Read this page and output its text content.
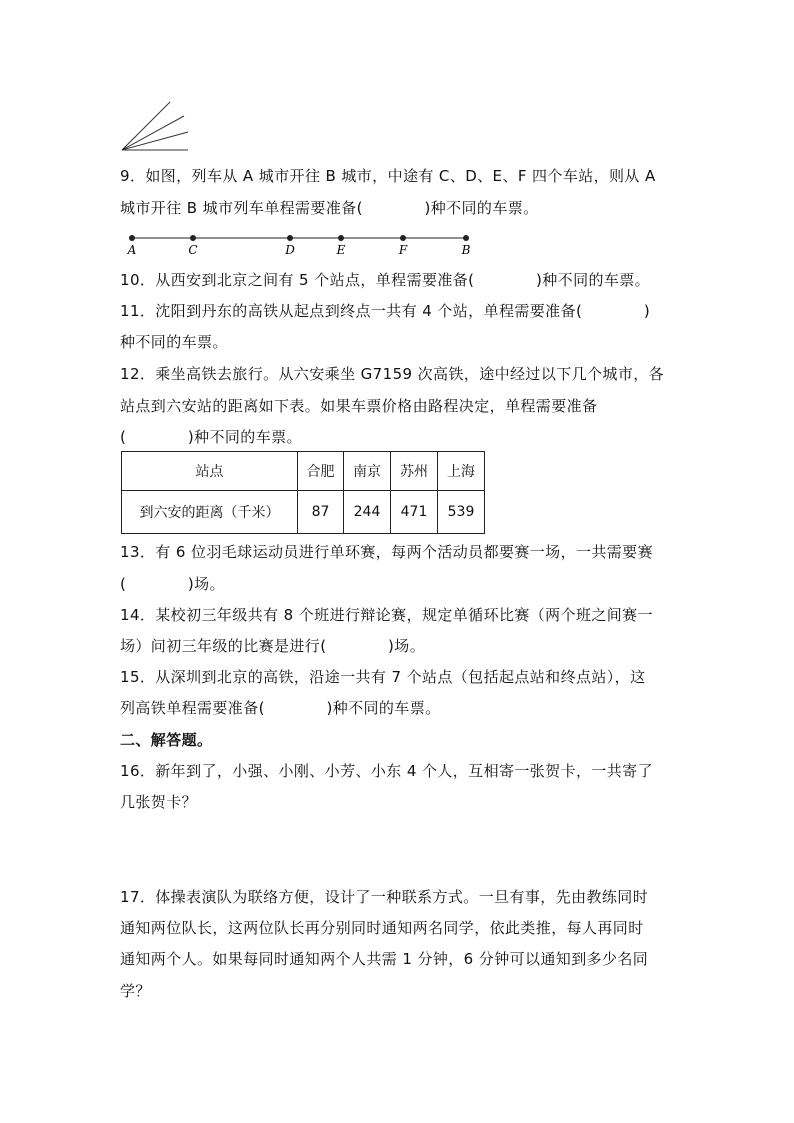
9．如图，列车从 A 城市开往 B 城市，中途有 C、D、E、F 四个车站，则从 A
城市开往 B 城市列车单程需要准备(　　　　)种不同的车票。
A	C	D	E	F	B
10．从西安到北京之间有 5 个站点，单程需要准备(　　　　)种不同的车票。
11．沈阳到丹东的高铁从起点到终点一共有 4 个站，单程需要准备(　　　　)
种不同的车票。
12．乘坐高铁去旅行。从六安乘坐 G7159 次高铁，途中经过以下几个城市，各
站点到六安站的距离如下表。如果车票价格由路程决定，单程需要准备
(　　　　)种不同的车票。
站点	合肥	南京	苏州	上海
到六安的距离（千米）	87	244	471	539
13．有 6 位羽毛球运动员进行单环赛，每两个活动员都要赛一场，一共需要赛
(　　　　)场。
14．某校初三年级共有 8 个班进行辩论赛，规定单循环比赛（两个班之间赛一
场）问初三年级的比赛是进行(　　　　)场。
15．从深圳到北京的高铁，沿途一共有 7 个站点（包括起点站和终点站），这
列高铁单程需要准备(　　　　)种不同的车票。
二、解答题。
16．新年到了，小强、小刚、小芳、小东 4 个人，互相寄一张贺卡，一共寄了
几张贺卡？
17．体操表演队为联络方便，设计了一种联系方式。一旦有事，先由教练同时
通知两位队长，这两位队长再分别同时通知两名同学，依此类推，每人再同时
通知两个人。如果每同时通知两个人共需 1 分钟，6 分钟可以通知到多少名同
学？
